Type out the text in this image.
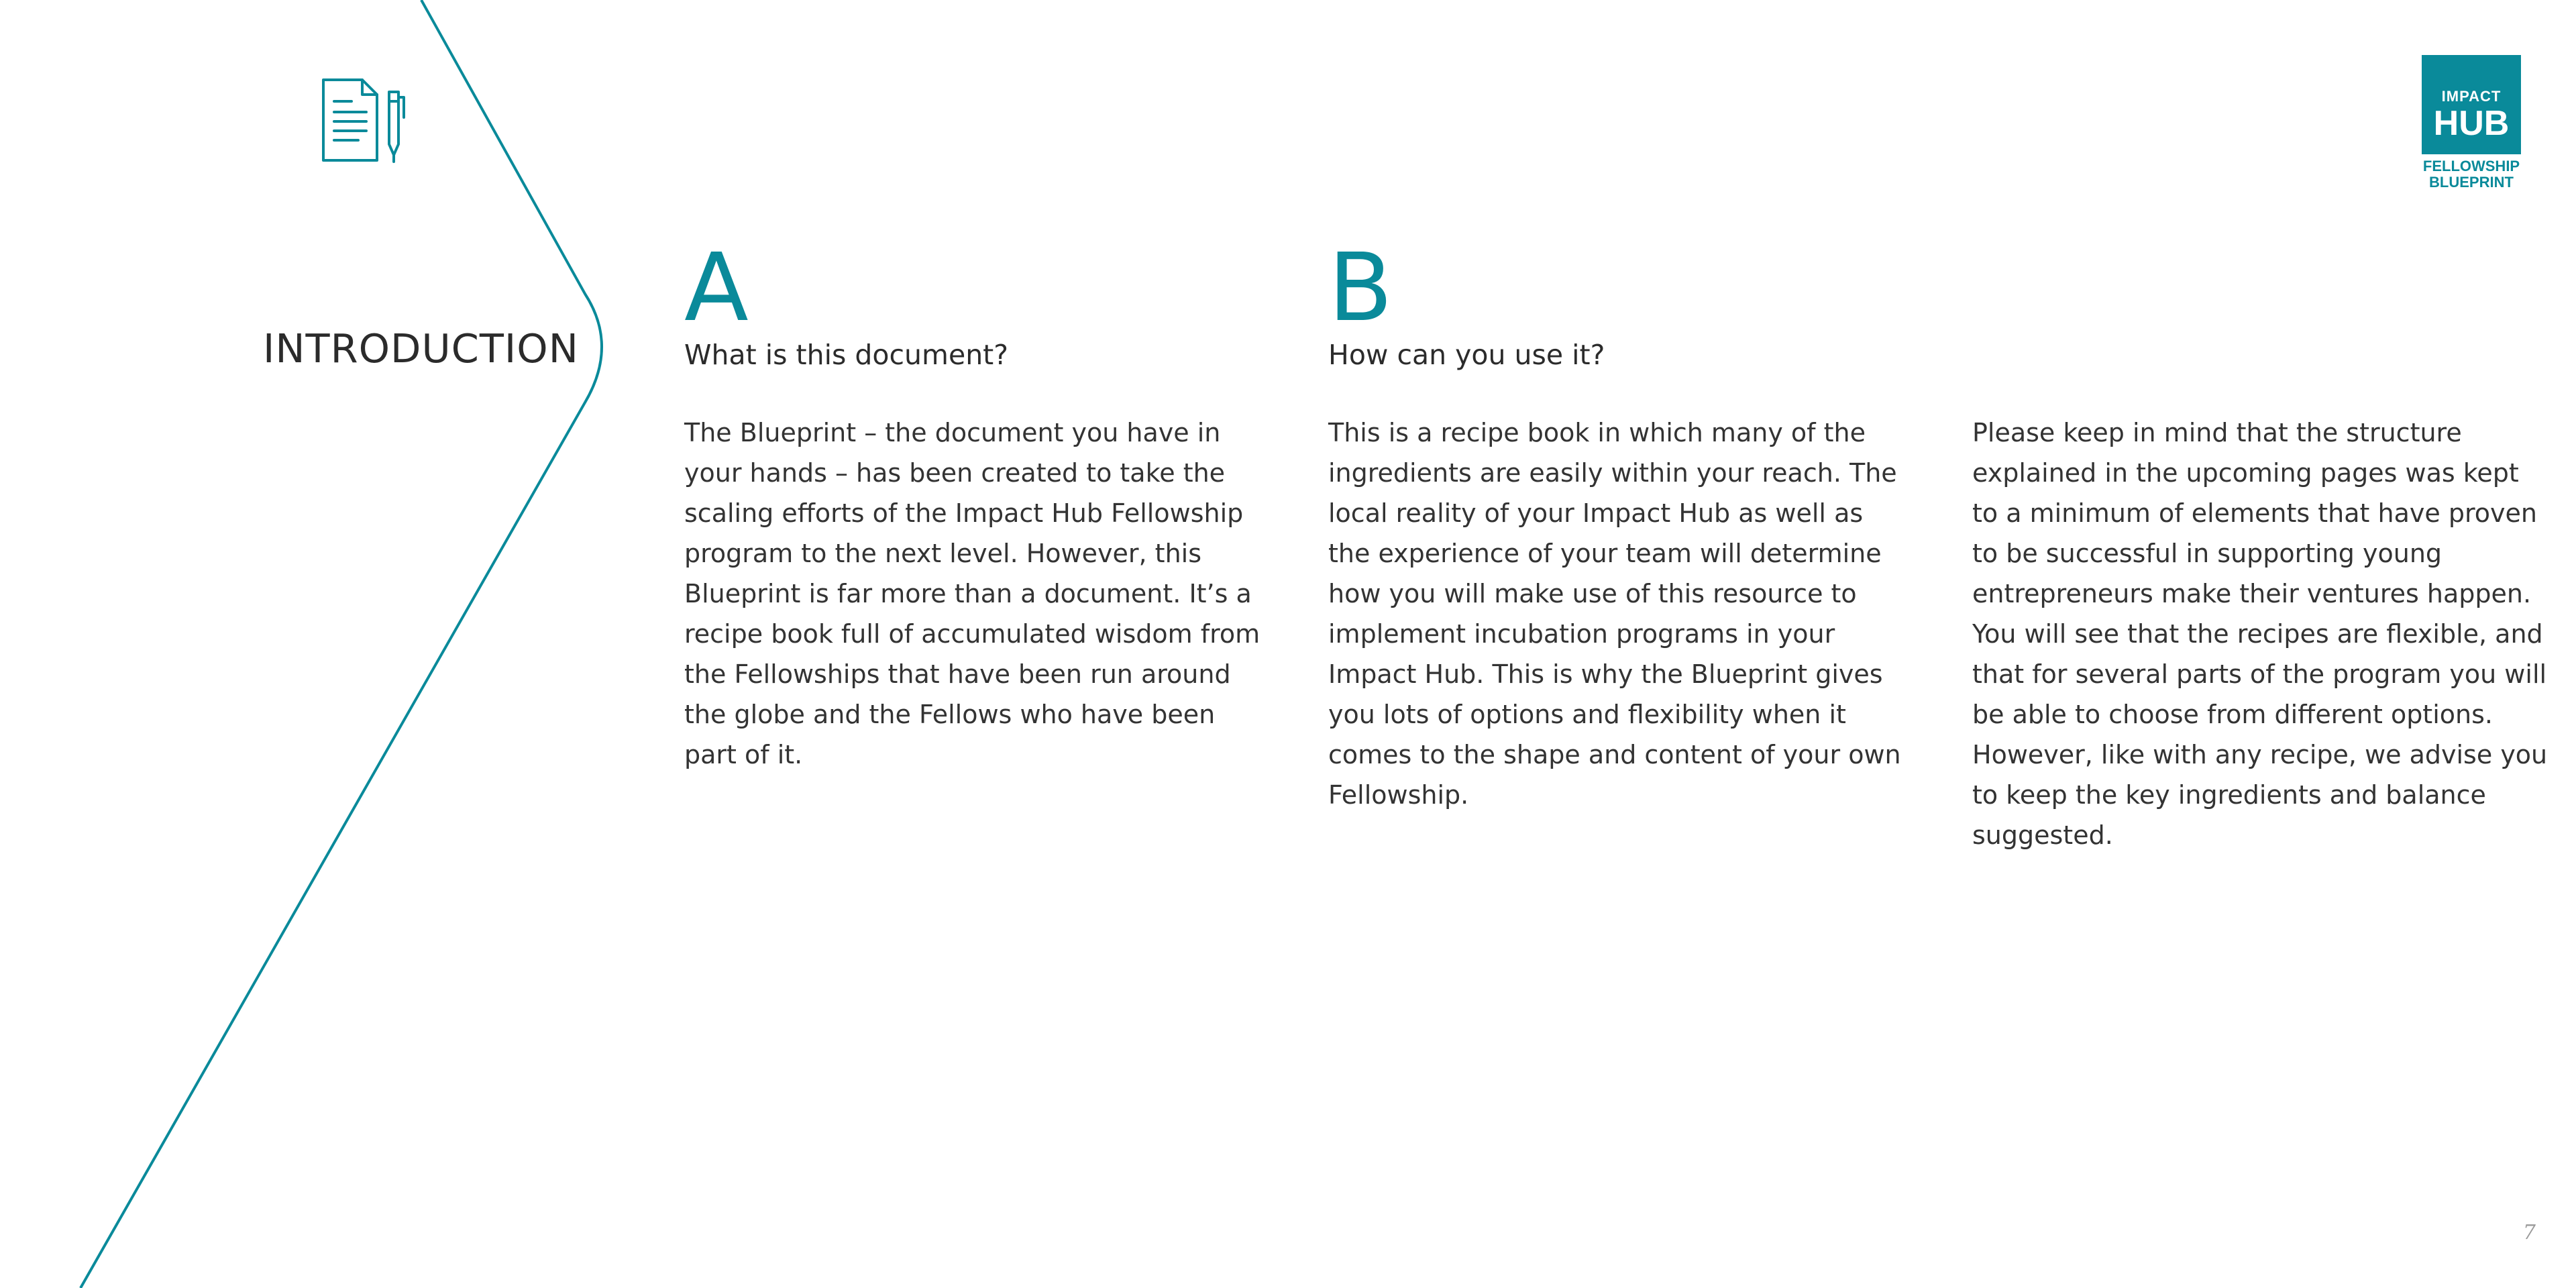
INTRODUCTION
A
What is this document?

The Blueprint – the document you have in your hands – has been created to take the scaling efforts of the Impact Hub Fellowship program to the next level. However, this Blueprint is far more than a document. It’s a recipe book full of accumulated wisdom from the Fellowships that have been run around the globe and the Fellows who have been part of it.

B
How can you use it?

This is a recipe book in which many of the ingredients are easily within your reach. The local reality of your Impact Hub as well as the experience of your team will determine how you will make use of this resource to implement incubation programs in your Impact Hub. This is why the Blueprint gives you lots of options and flexibility when it comes to the shape and content of your own Fellowship.

Please keep in mind that the structure explained in the upcoming pages was kept to a minimum of elements that have proven to be successful in supporting young entrepreneurs make their ventures happen. You will see that the recipes are flexible, and that for several parts of the program you will be able to choose from different options. However, like with any recipe, we advise you to keep the key ingredients and balance suggested.

IMPACT
HUB
FELLOWSHIP
BLUEPRINT
7
